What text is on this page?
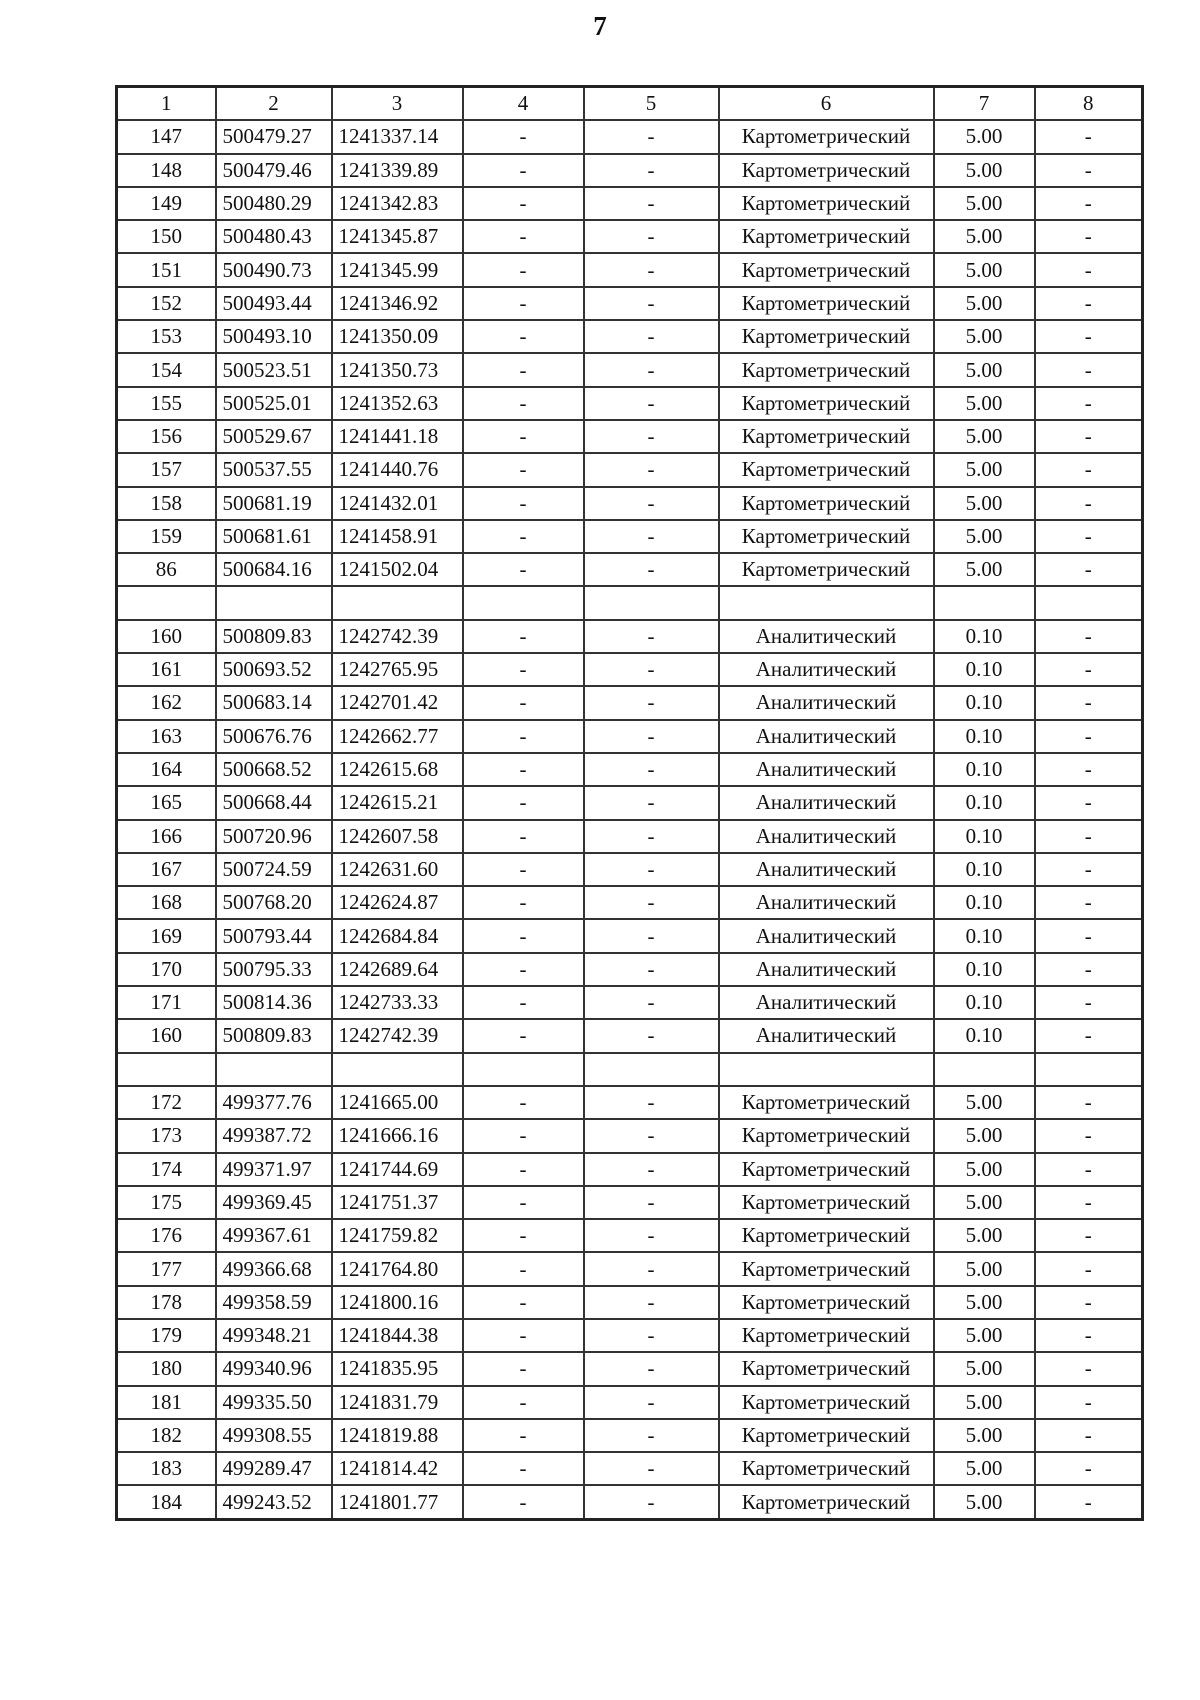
7
1	2	3	4	5	6	7	8
147	500479.27	1241337.14	-	-	Картометрический	5.00	-
148	500479.46	1241339.89	-	-	Картометрический	5.00	-
149	500480.29	1241342.83	-	-	Картометрический	5.00	-
150	500480.43	1241345.87	-	-	Картометрический	5.00	-
151	500490.73	1241345.99	-	-	Картометрический	5.00	-
152	500493.44	1241346.92	-	-	Картометрический	5.00	-
153	500493.10	1241350.09	-	-	Картометрический	5.00	-
154	500523.51	1241350.73	-	-	Картометрический	5.00	-
155	500525.01	1241352.63	-	-	Картометрический	5.00	-
156	500529.67	1241441.18	-	-	Картометрический	5.00	-
157	500537.55	1241440.76	-	-	Картометрический	5.00	-
158	500681.19	1241432.01	-	-	Картометрический	5.00	-
159	500681.61	1241458.91	-	-	Картометрический	5.00	-
86	500684.16	1241502.04	-	-	Картометрический	5.00	-

160	500809.83	1242742.39	-	-	Аналитический	0.10	-
161	500693.52	1242765.95	-	-	Аналитический	0.10	-
162	500683.14	1242701.42	-	-	Аналитический	0.10	-
163	500676.76	1242662.77	-	-	Аналитический	0.10	-
164	500668.52	1242615.68	-	-	Аналитический	0.10	-
165	500668.44	1242615.21	-	-	Аналитический	0.10	-
166	500720.96	1242607.58	-	-	Аналитический	0.10	-
167	500724.59	1242631.60	-	-	Аналитический	0.10	-
168	500768.20	1242624.87	-	-	Аналитический	0.10	-
169	500793.44	1242684.84	-	-	Аналитический	0.10	-
170	500795.33	1242689.64	-	-	Аналитический	0.10	-
171	500814.36	1242733.33	-	-	Аналитический	0.10	-
160	500809.83	1242742.39	-	-	Аналитический	0.10	-

172	499377.76	1241665.00	-	-	Картометрический	5.00	-
173	499387.72	1241666.16	-	-	Картометрический	5.00	-
174	499371.97	1241744.69	-	-	Картометрический	5.00	-
175	499369.45	1241751.37	-	-	Картометрический	5.00	-
176	499367.61	1241759.82	-	-	Картометрический	5.00	-
177	499366.68	1241764.80	-	-	Картометрический	5.00	-
178	499358.59	1241800.16	-	-	Картометрический	5.00	-
179	499348.21	1241844.38	-	-	Картометрический	5.00	-
180	499340.96	1241835.95	-	-	Картометрический	5.00	-
181	499335.50	1241831.79	-	-	Картометрический	5.00	-
182	499308.55	1241819.88	-	-	Картометрический	5.00	-
183	499289.47	1241814.42	-	-	Картометрический	5.00	-
184	499243.52	1241801.77	-	-	Картометрический	5.00	-
